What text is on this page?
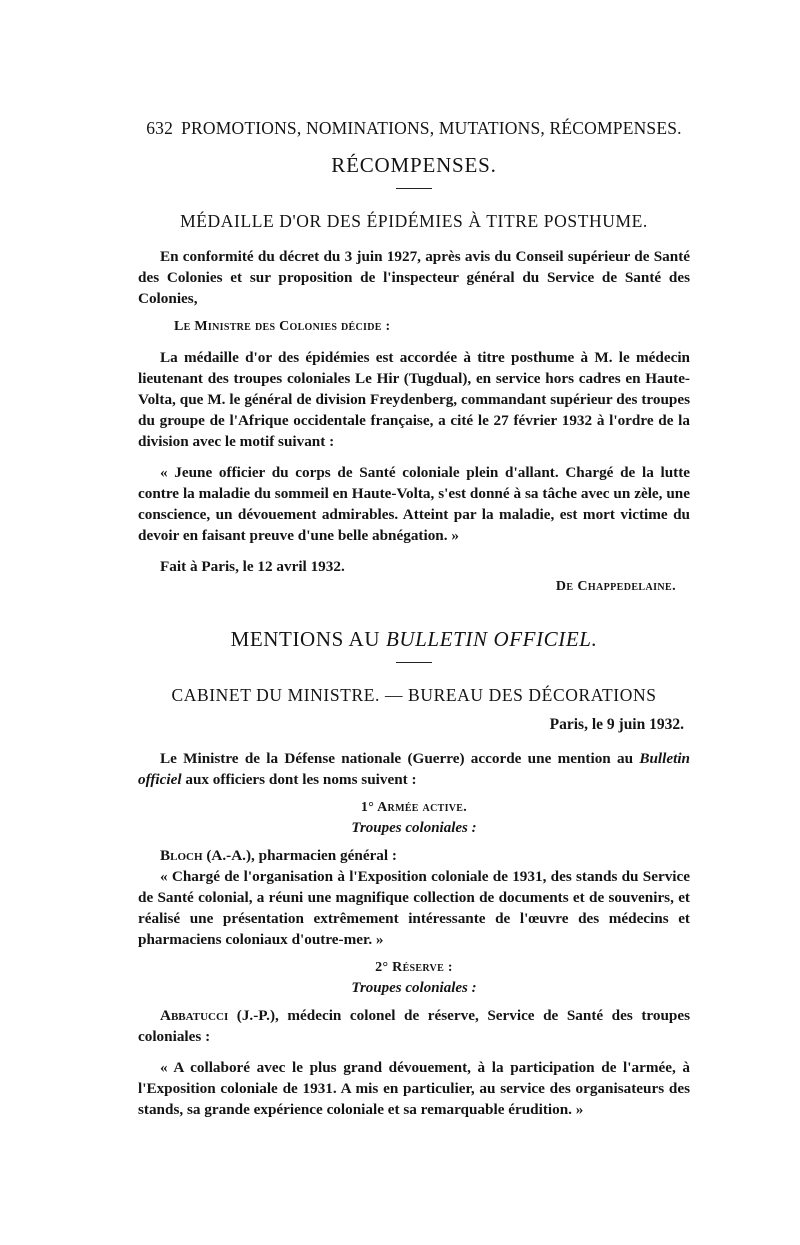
632 PROMOTIONS, NOMINATIONS, MUTATIONS, RÉCOMPENSES.
RÉCOMPENSES.
MÉDAILLE D'OR DES ÉPIDÉMIES À TITRE POSTHUME.

En conformité du décret du 3 juin 1927, après avis du Conseil supérieur de Santé des Colonies et sur proposition de l'inspecteur général du Service de Santé des Colonies,

Le Ministre des Colonies décide :

La médaille d'or des épidémies est accordée à titre posthume à M. le médecin lieutenant des troupes coloniales Le Hir (Tugdual), en service hors cadres en Haute-Volta, que M. le général de division Freydenberg, commandant supérieur des troupes du groupe de l'Afrique occidentale française, a cité le 27 février 1932 à l'ordre de la division avec le motif suivant :

« Jeune officier du corps de Santé coloniale plein d'allant. Chargé de la lutte contre la maladie du sommeil en Haute-Volta, s'est donné à sa tâche avec un zèle, une conscience, un dévouement admirables. Atteint par la maladie, est mort victime du devoir en faisant preuve d'une belle abnégation. »

Fait à Paris, le 12 avril 1932.

De Chappedelaine.
MENTIONS AU BULLETIN OFFICIEL.
CABINET DU MINISTRE. — BUREAU DES DÉCORATIONS
Paris, le 9 juin 1932.

Le Ministre de la Défense nationale (Guerre) accorde une mention au Bulletin officiel aux officiers dont les noms suivent :

1° Armée active.
Troupes coloniales :

Bloch (A.-A.), pharmacien général :

« Chargé de l'organisation à l'Exposition coloniale de 1931, des stands du Service de Santé colonial, a réuni une magnifique collection de documents et de souvenirs, et réalisé une présentation extrêmement intéressante de l'œuvre des médecins et pharmaciens coloniaux d'outre-mer. »

2° Réserve :
Troupes coloniales :

Abbatucci (J.-P.), médecin colonel de réserve, Service de Santé des troupes coloniales :

« A collaboré avec le plus grand dévouement, à la participation de l'armée, à l'Exposition coloniale de 1931. A mis en particulier, au service des organisateurs des stands, sa grande expérience coloniale et sa remarquable érudition. »
